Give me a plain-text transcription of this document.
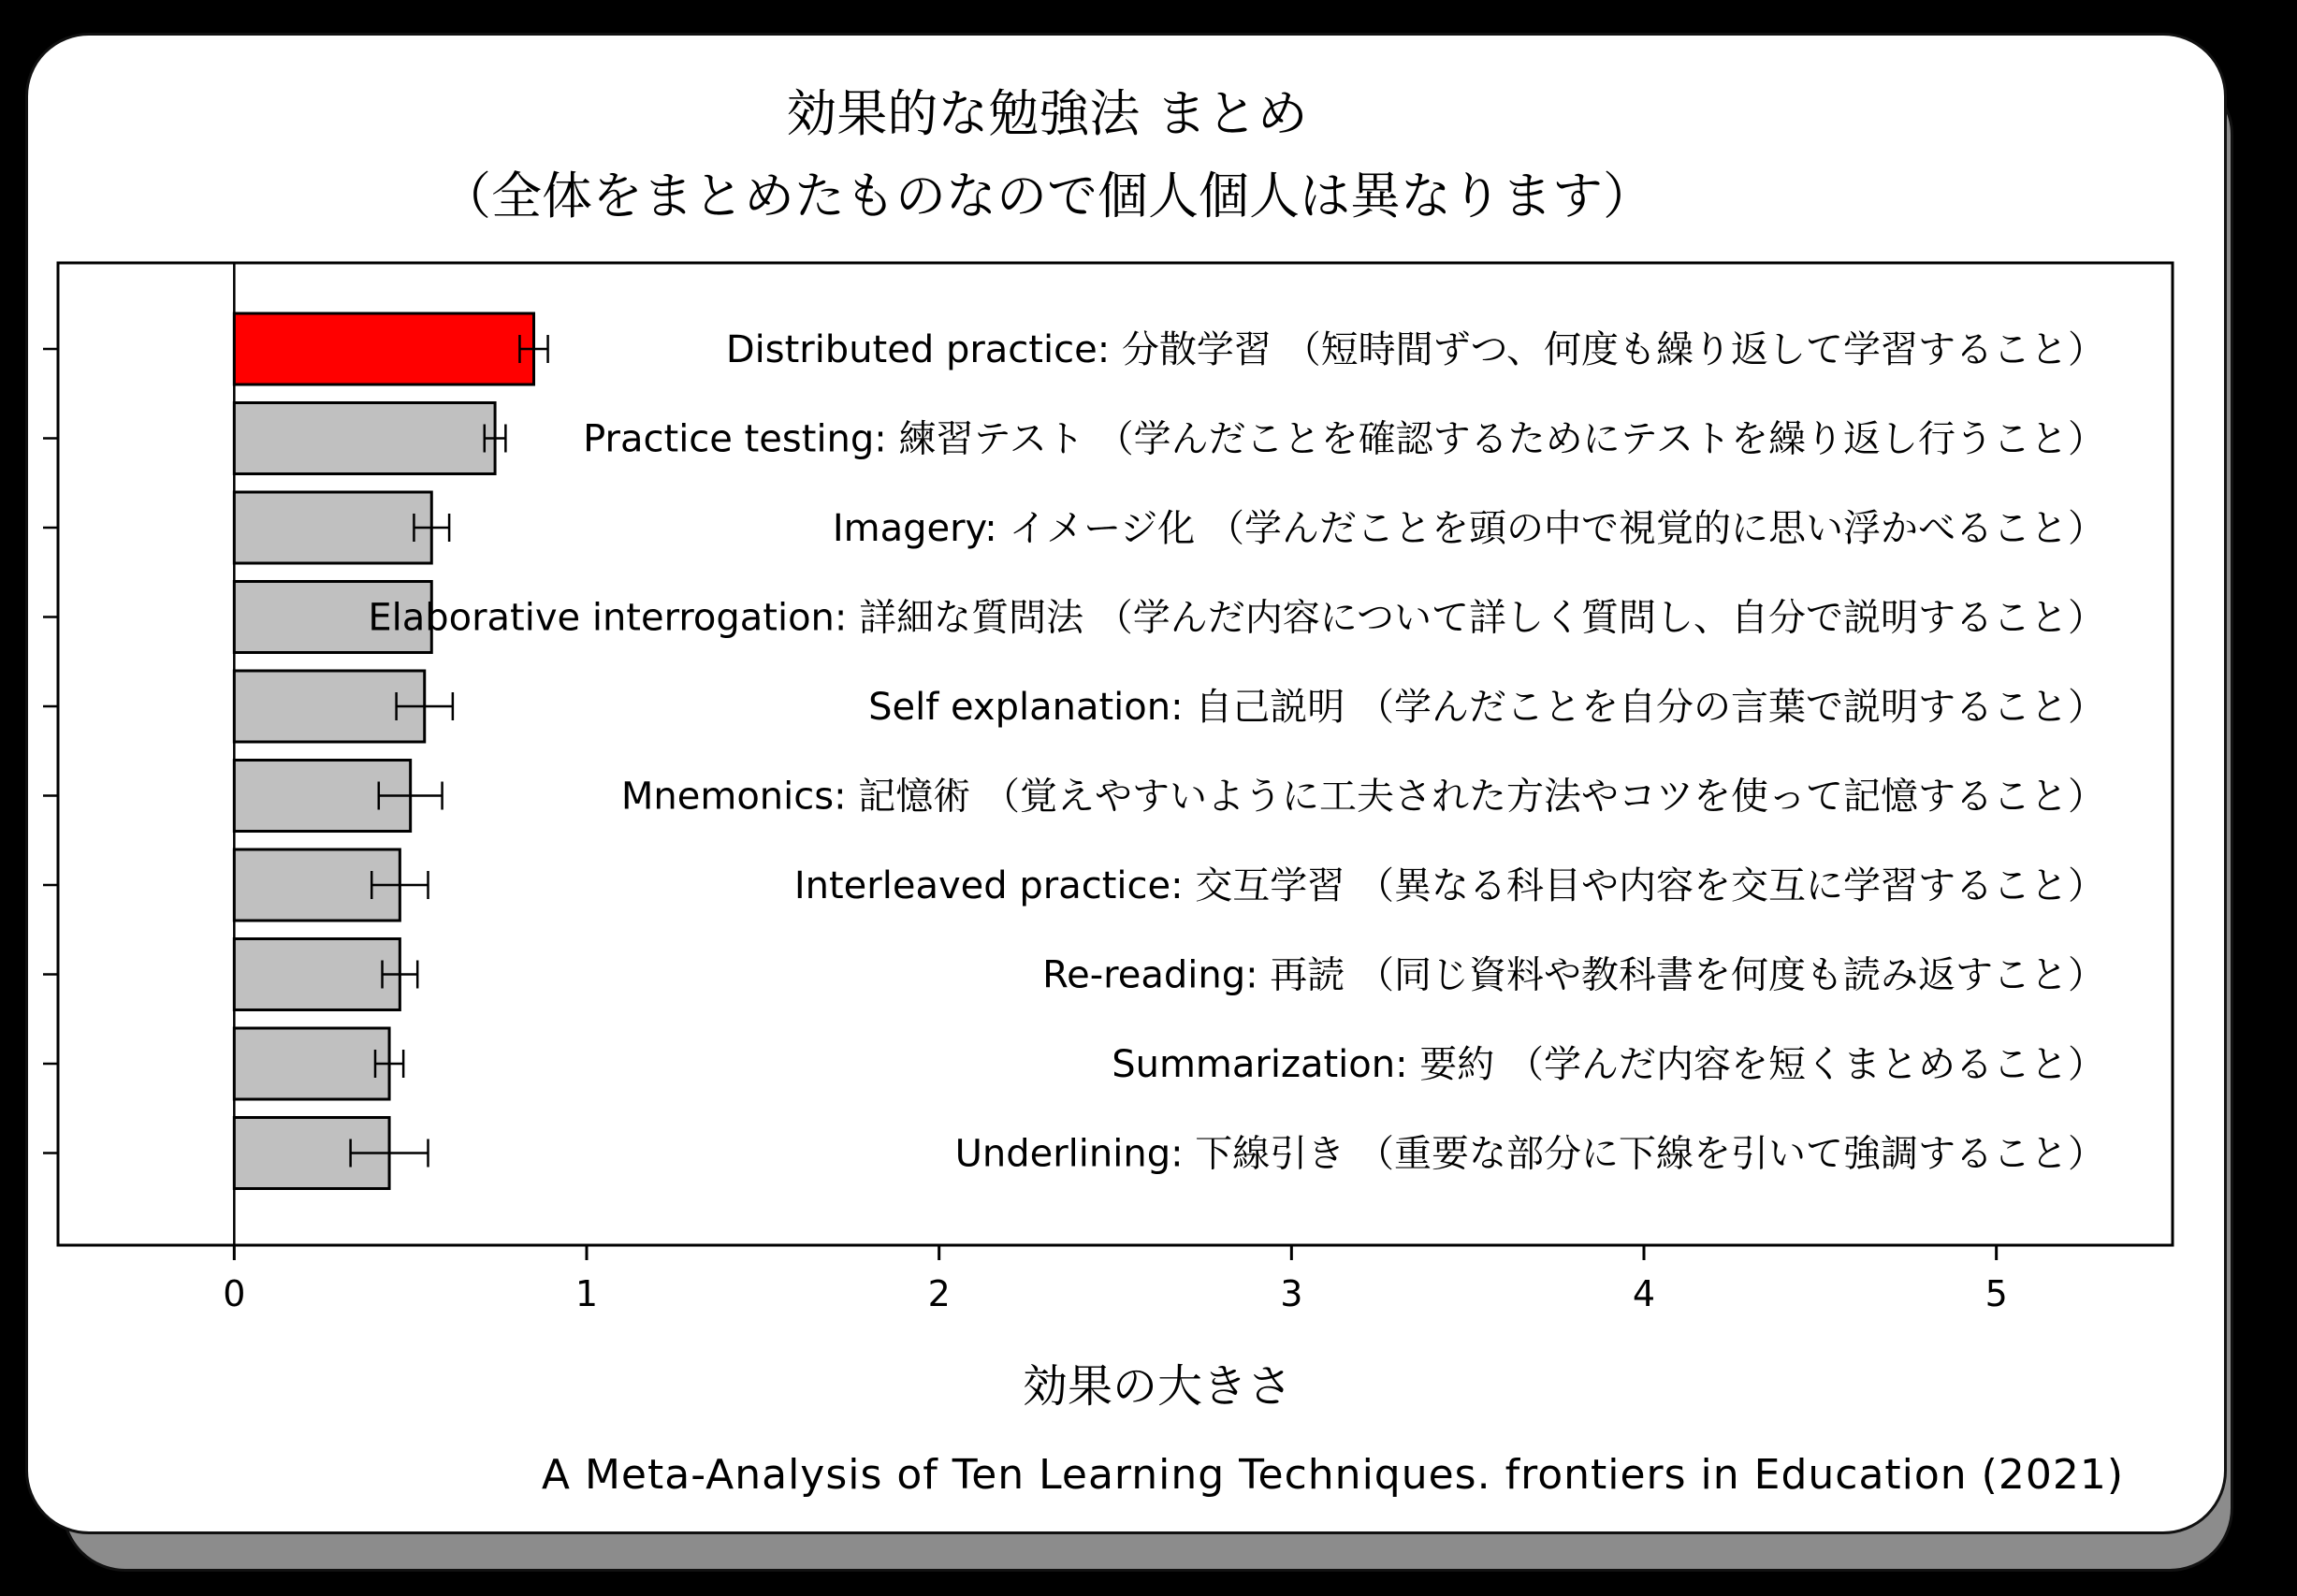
効果的な勉強法 まとめ
（全体をまとめたものなので個人個人は異なります）
Distributed practice: 分散学習 （短時間ずつ、何度も繰り返して学習すること）
Practice testing: 練習テスト （学んだことを確認するためにテストを繰り返し行うこと）
Imagery: イメージ化 （学んだことを頭の中で視覚的に思い浮かべること）
Elaborative interrogation: 詳細な質問法 （学んだ内容について詳しく質問し、自分で説明すること）
Self explanation: 自己説明 （学んだことを自分の言葉で説明すること）
Mnemonics: 記憶術 （覚えやすいように工夫された方法やコツを使って記憶すること）
Interleaved practice: 交互学習 （異なる科目や内容を交互に学習すること）
Re-reading: 再読 （同じ資料や教科書を何度も読み返すこと）
Summarization: 要約 （学んだ内容を短くまとめること）
Underlining: 下線引き （重要な部分に下線を引いて強調すること）
0	1	2	3	4	5
効果の大きさ
A Meta-Analysis of Ten Learning Techniques. frontiers in Education (2021)
